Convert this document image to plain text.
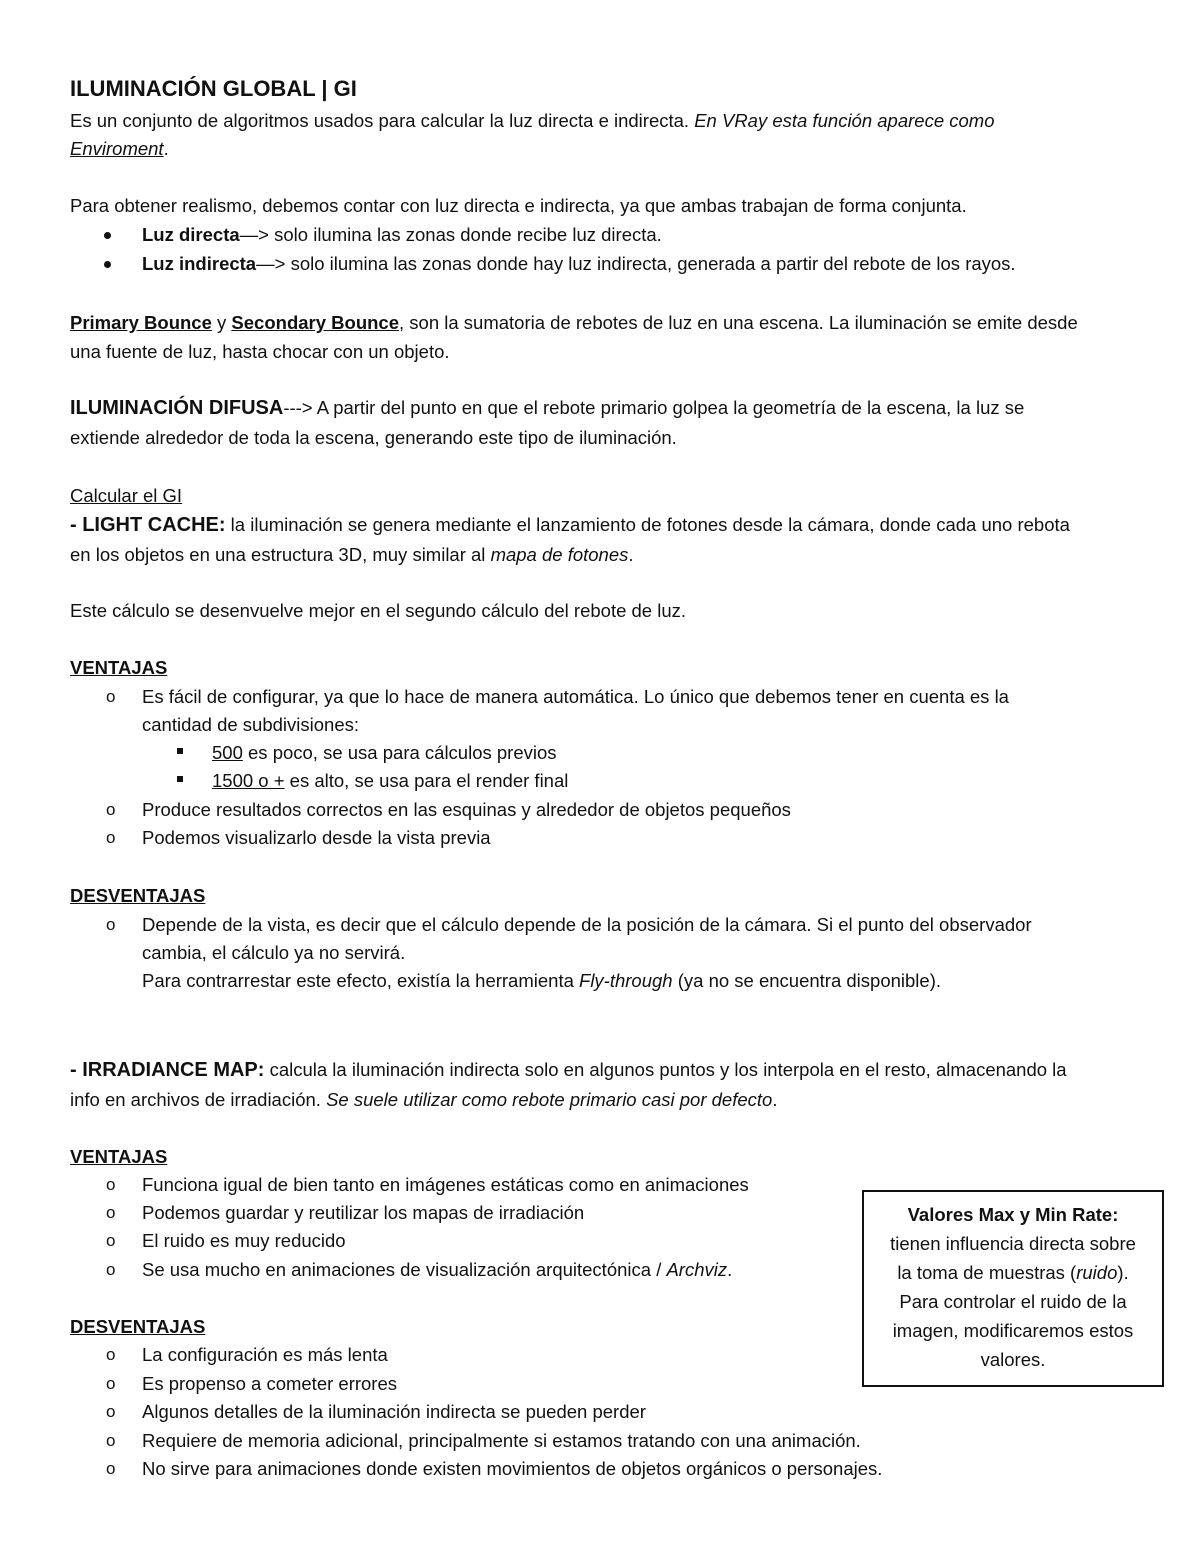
ILUMINACIÓN GLOBAL | GI
Es un conjunto de algoritmos usados para calcular la luz directa e indirecta. En VRay esta función aparece como
Enviroment.
Para obtener realismo, debemos contar con luz directa e indirecta, ya que ambas trabajan de forma conjunta.
Luz directa—> solo ilumina las zonas donde recibe luz directa.
Luz indirecta—> solo ilumina las zonas donde hay luz indirecta, generada a partir del rebote de los rayos.
Primary Bounce y Secondary Bounce, son la sumatoria de rebotes de luz en una escena. La iluminación se emite desde
una fuente de luz, hasta chocar con un objeto.
ILUMINACIÓN DIFUSA---> A partir del punto en que el rebote primario golpea la geometría de la escena, la luz se
extiende alrededor de toda la escena, generando este tipo de iluminación.
Calcular el GI
- LIGHT CACHE: la iluminación se genera mediante el lanzamiento de fotones desde la cámara, donde cada uno rebota
en los objetos en una estructura 3D, muy similar al mapa de fotones.
Este cálculo se desenvuelve mejor en el segundo cálculo del rebote de luz.
VENTAJAS
o Es fácil de configurar, ya que lo hace de manera automática. Lo único que debemos tener en cuenta es la
cantidad de subdivisiones:
500 es poco, se usa para cálculos previos
1500 o + es alto, se usa para el render final
o Produce resultados correctos en las esquinas y alrededor de objetos pequeños
o Podemos visualizarlo desde la vista previa
DESVENTAJAS
o Depende de la vista, es decir que el cálculo depende de la posición de la cámara. Si el punto del observador
cambia, el cálculo ya no servirá.
Para contrarrestar este efecto, existía la herramienta Fly-through (ya no se encuentra disponible).
- IRRADIANCE MAP: calcula la iluminación indirecta solo en algunos puntos y los interpola en el resto, almacenando la
info en archivos de irradiación. Se suele utilizar como rebote primario casi por defecto.
VENTAJAS
o Funciona igual de bien tanto en imágenes estáticas como en animaciones
o Podemos guardar y reutilizar los mapas de irradiación
o El ruido es muy reducido
o Se usa mucho en animaciones de visualización arquitectónica / Archviz.
DESVENTAJAS
o La configuración es más lenta
o Es propenso a cometer errores
o Algunos detalles de la iluminación indirecta se pueden perder
o Requiere de memoria adicional, principalmente si estamos tratando con una animación.
o No sirve para animaciones donde existen movimientos de objetos orgánicos o personajes.
Valores Max y Min Rate:
tienen influencia directa sobre
la toma de muestras (ruido).
Para controlar el ruido de la
imagen, modificaremos estos
valores.
